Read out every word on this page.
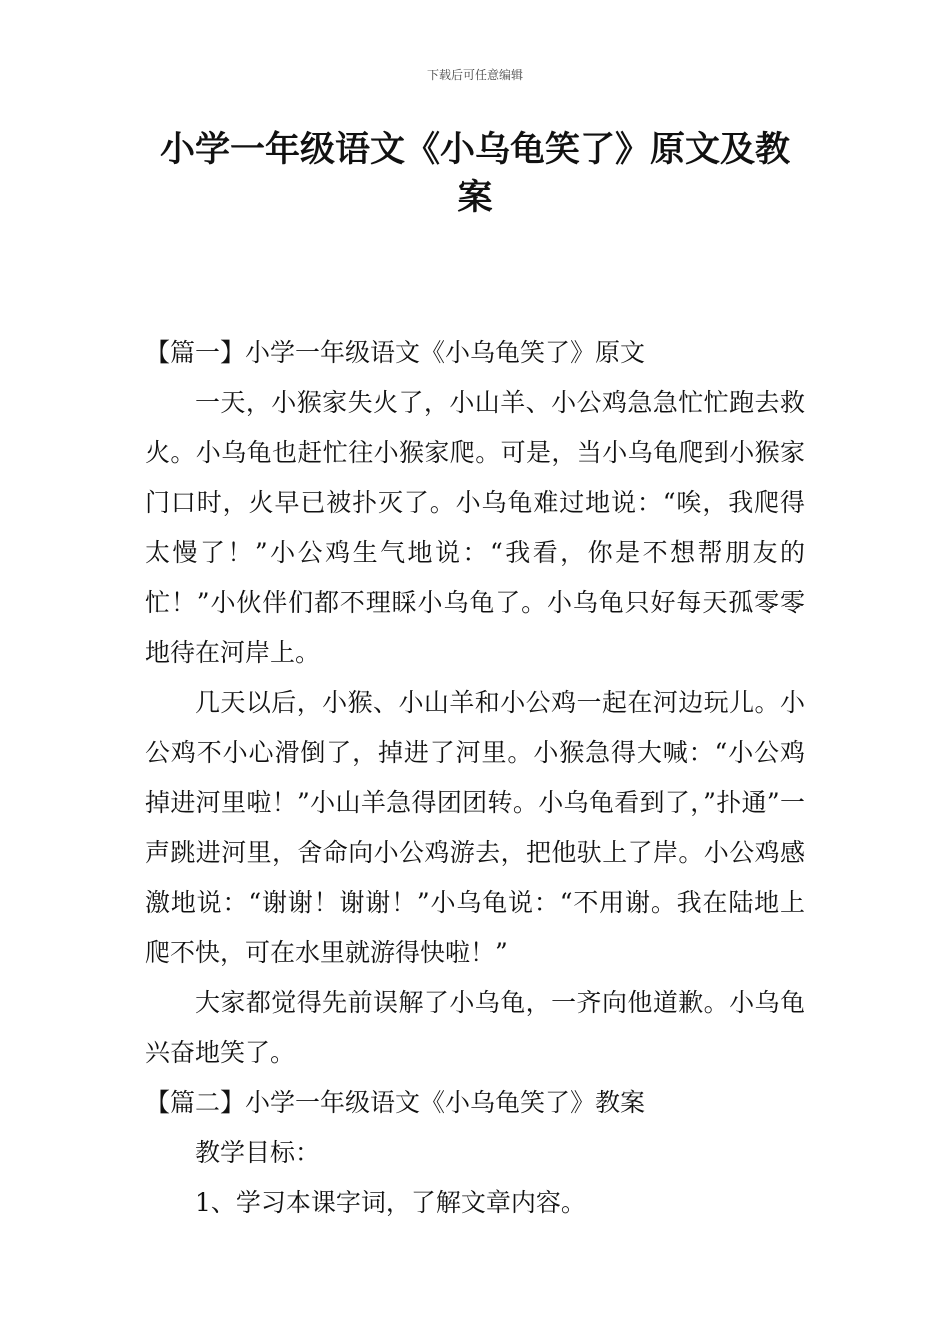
下载后可任意编辑
小学一年级语文《小乌龟笑了》原文及教案

【篇一】小学一年级语文《小乌龟笑了》原文

一天，小猴家失火了，小山羊、小公鸡急急忙忙跑去救火。小乌龟也赶忙往小猴家爬。可是，当小乌龟爬到小猴家门口时，火早已被扑灭了。小乌龟难过地说：“唉，我爬得太慢了！”小公鸡生气地说：“我看，你是不想帮朋友的忙！”小伙伴们都不理睬小乌龟了。小乌龟只好每天孤零零地待在河岸上。

几天以后，小猴、小山羊和小公鸡一起在河边玩儿。小公鸡不小心滑倒了，掉进了河里。小猴急得大喊：“小公鸡掉进河里啦！”小山羊急得团团转。小乌龟看到了，”扑通”一声跳进河里，舍命向小公鸡游去，把他驮上了岸。小公鸡感激地说：“谢谢！谢谢！”小乌龟说：“不用谢。我在陆地上爬不快，可在水里就游得快啦！”

大家都觉得先前误解了小乌龟，一齐向他道歉。小乌龟兴奋地笑了。

【篇二】小学一年级语文《小乌龟笑了》教案

教学目标：

1、学习本课字词，了解文章内容。
